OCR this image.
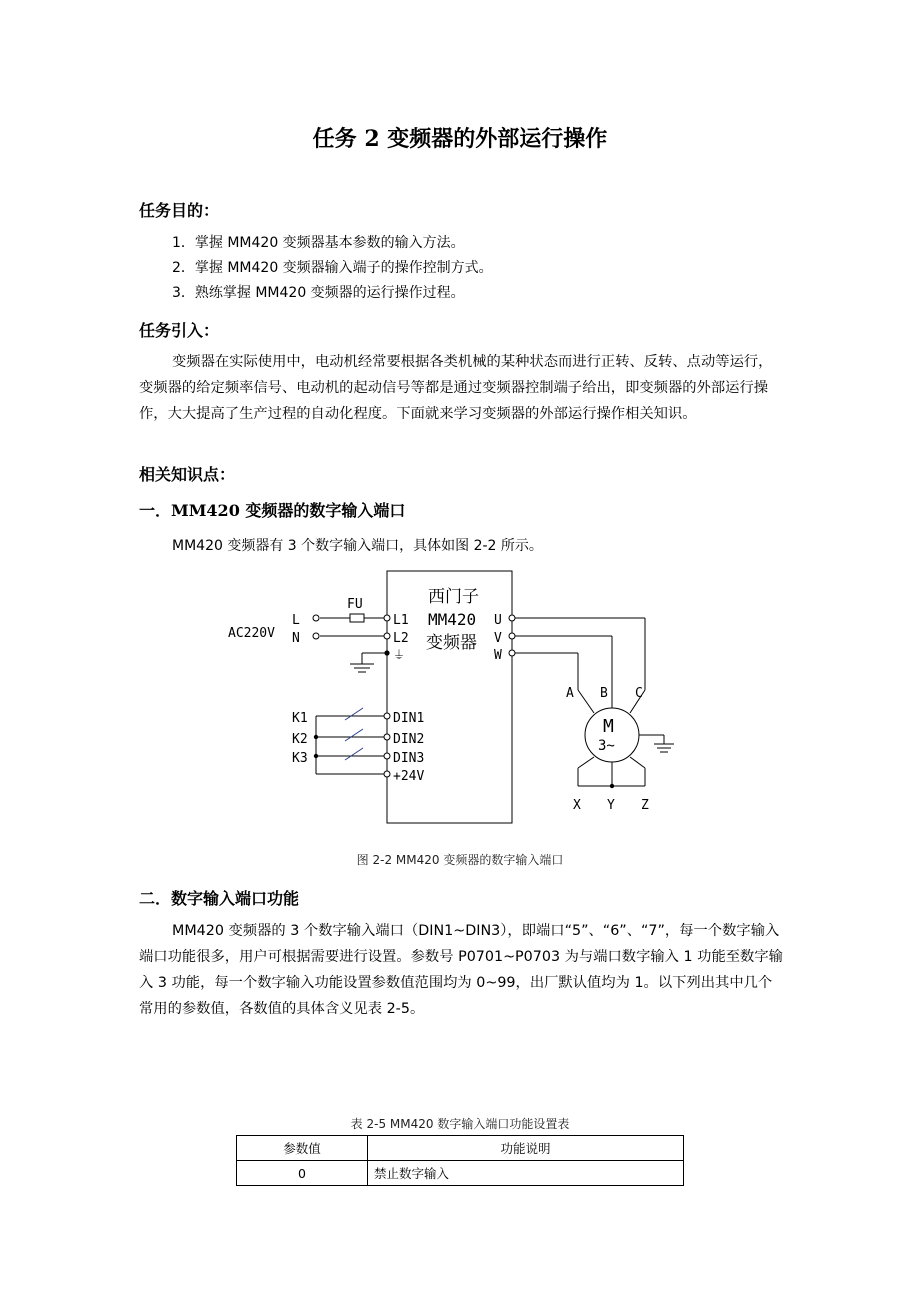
任务 2 变频器的外部运行操作
任务目的：
1．掌握 MM420 变频器基本参数的输入方法。
2．掌握 MM420 变频器输入端子的操作控制方式。
3．熟练掌握 MM420 变频器的运行操作过程。
任务引入：
变频器在实际使用中，电动机经常要根据各类机械的某种状态而进行正转、反转、点动等运行，变频器的给定频率信号、电动机的起动信号等都是通过变频器控制端子给出，即变频器的外部运行操作，大大提高了生产过程的自动化程度。下面就来学习变频器的外部运行操作相关知识。
相关知识点：
一．MM420 变频器的数字输入端口
MM420 变频器有 3 个数字输入端口，具体如图 2-2 所示。
西门子
MM420
变频器
AC220V
FU
L
N
L1
L2
⏚
DIN1
DIN2
DIN3
+24V
K1
K2
K3
U
V
W
A B C
M
3~
X Y Z
图 2-2 MM420 变频器的数字输入端口
二．数字输入端口功能
MM420 变频器的 3 个数字输入端口（DIN1~DIN3），即端口“5”、“6”、“7”，每一个数字输入端口功能很多，用户可根据需要进行设置。参数号 P0701~P0703 为与端口数字输入 1 功能至数字输入 3 功能，每一个数字输入功能设置参数值范围均为 0~99，出厂默认值均为 1。以下列出其中几个常用的参数值，各数值的具体含义见表 2-5。
表 2-5 MM420 数字输入端口功能设置表
参数值	功能说明
0	禁止数字输入
